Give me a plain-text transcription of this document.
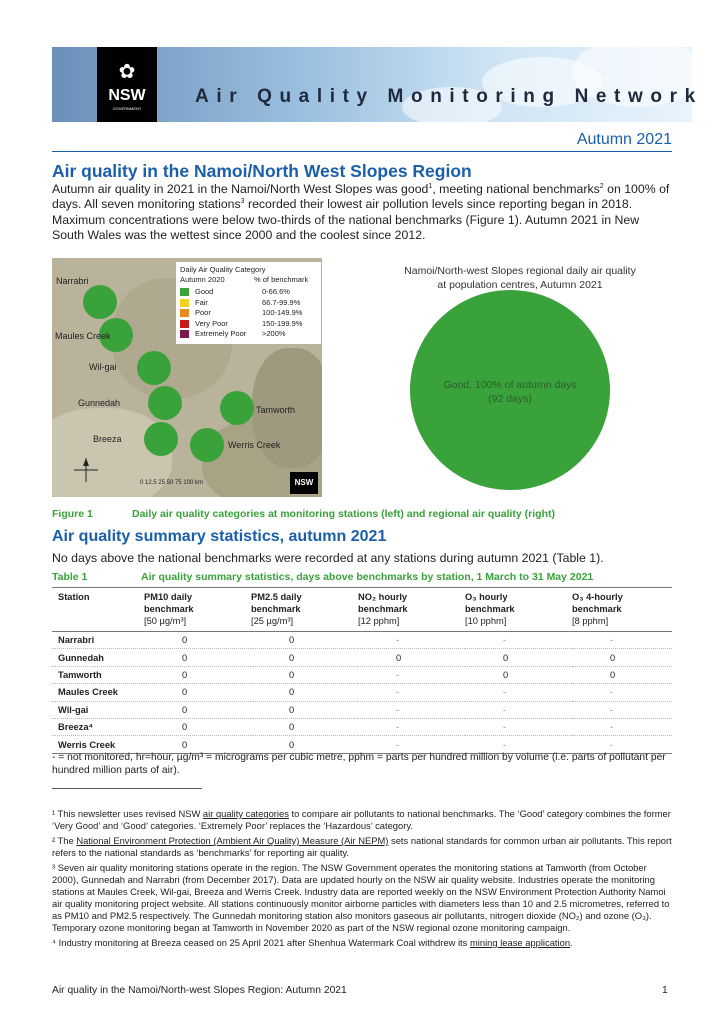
✿
NSW
GOVERNMENT
Air Quality Monitoring Network
Autumn 2021
Air quality in the Namoi/North West Slopes Region
Autumn air quality in 2021 in the Namoi/North West Slopes was good$^1$, meeting national benchmarks$^2$ on 100% of days. All seven monitoring stations$^3$ recorded their lowest air pollution levels since reporting began in 2018. Maximum concentrations were below two-thirds of the national benchmarks (Figure 1). Autumn 2021 in New South Wales was the wettest since 2000 and the coolest since 2012.
Narrabri
Maules Creek
Wil-gai
Gunnedah
Tamworth
Breeza
Werris Creek
Daily Air Quality Category
Autumn 2020	% of benchmark
Good	0-66.6%
Fair	66.7-99.9%
Poor	100-149.9%
Very Poor	150-199.9%
Extremely Poor >200%
0 12.5 25 50 75 100 km	NSW
Namoi/North-west Slopes regional daily air quality
at population centres, Autumn 2021
Good, 100% of autumn days
(92 days)
Figure 1	Daily air quality categories at monitoring stations (left) and regional air quality (right)
Air quality summary statistics, autumn 2021
No days above the national benchmarks were recorded at any stations during autumn 2021 (Table 1).
Table 1	Air quality summary statistics, days above benchmarks by station, 1 March to 31 May 2021
Station	PM10 daily
benchmark
[50 µg/m³]	PM2.5 daily
benchmark
[25 µg/m³]	NO₂ hourly
benchmark
[12 pphm]	O₃ hourly
benchmark
[10 pphm]	O₃ 4-hourly
benchmark
[8 pphm]
Narrabri	0	0	-	-	-
Gunnedah	0	0	0	0	0
Tamworth	0	0	-	0	0
Maules Creek	0	0	-	-	-
Wil-gai	0	0	-	-	-
Breeza⁴	0	0	-	-	-
Werris Creek	0	0	-	-	-
- = not monitored, hr=hour, µg/m³ = micrograms per cubic metre, pphm = parts per hundred million by volume (i.e. parts of pollutant per hundred million parts of air).

¹ This newsletter uses revised NSW air quality categories to compare air pollutants to national benchmarks. The ‘Good’ category combines the former ‘Very Good’ and ‘Good’ categories. ‘Extremely Poor’ replaces the ‘Hazardous’ category.

² The National Environment Protection (Ambient Air Quality) Measure (Air NEPM) sets national standards for common urban air pollutants. This report refers to the national standards as ‘benchmarks’ for reporting air quality.

³ Seven air quality monitoring stations operate in the region. The NSW Government operates the monitoring stations at Tamworth (from October 2000), Gunnedah and Narrabri (from December 2017). Data are updated hourly on the NSW air quality website. Industries operate the monitoring stations at Maules Creek, Wil-gai, Breeza and Werris Creek. Industry data are reported weekly on the NSW Environment Protection Authority Namoi air quality monitoring project website. All stations continuously monitor airborne particles with diameters less than 10 and 2.5 micrometres, referred to as PM10 and PM2.5 respectively. The Gunnedah monitoring station also monitors gaseous air pollutants, nitrogen dioxide (NO₂) and ozone (O₃). Temporary ozone monitoring began at Tamworth in November 2020 as part of the NSW regional ozone monitoring campaign.

⁴ Industry monitoring at Breeza ceased on 25 April 2021 after Shenhua Watermark Coal withdrew its mining lease application.

Air quality in the Namoi/North-west Slopes Region: Autumn 2021	1
